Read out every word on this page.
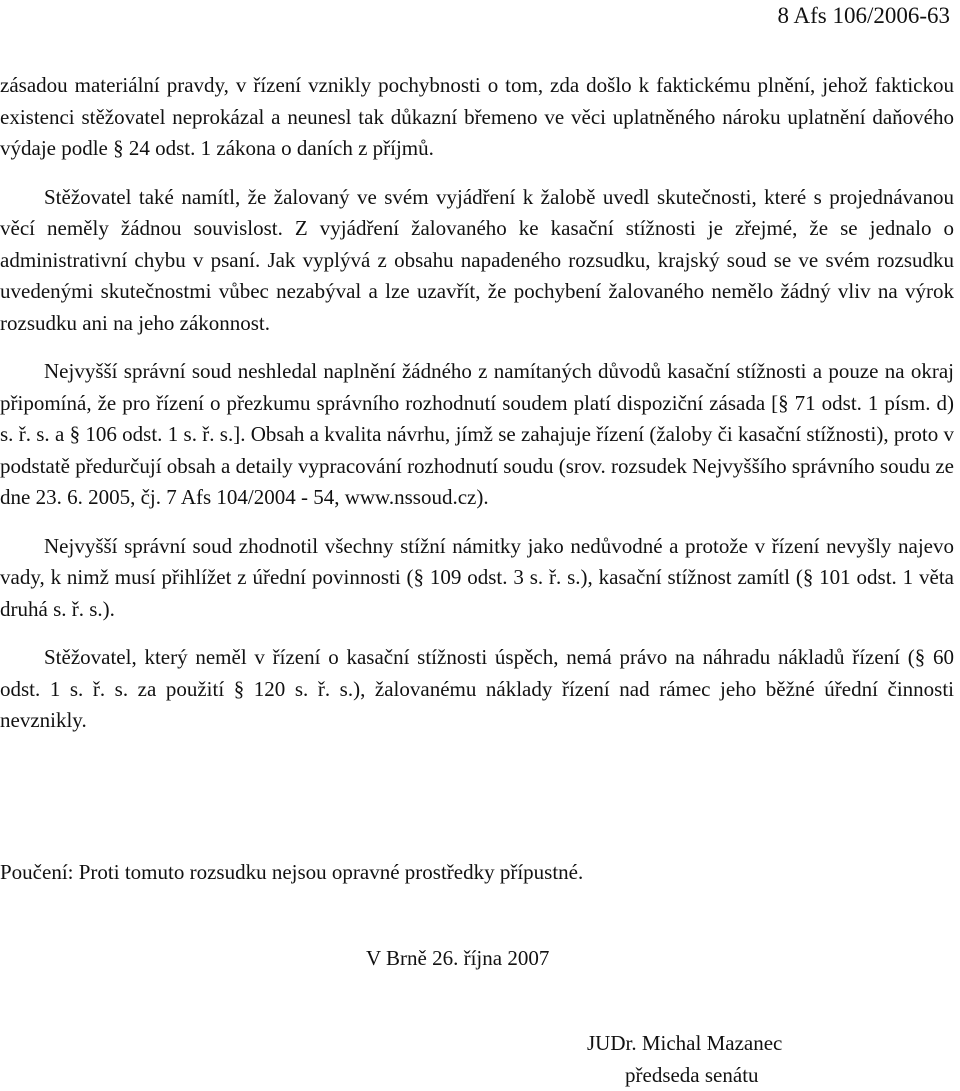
8 Afs 106/2006-63

zásadou materiální pravdy, v řízení vznikly pochybnosti o tom, zda došlo k faktickému plnění, jehož faktickou existenci stěžovatel neprokázal a neunesl tak důkazní břemeno ve věci uplatněného nároku uplatnění daňového výdaje podle § 24 odst. 1 zákona o daních z příjmů.

Stěžovatel také namítl, že žalovaný ve svém vyjádření k žalobě uvedl skutečnosti, které s projednávanou věcí neměly žádnou souvislost. Z vyjádření žalovaného ke kasační stížnosti je zřejmé, že se jednalo o administrativní chybu v psaní. Jak vyplývá z obsahu napadeného rozsudku, krajský soud se ve svém rozsudku uvedenými skutečnostmi vůbec nezabýval a lze uzavřít, že pochybení žalovaného nemělo žádný vliv na výrok rozsudku ani na jeho zákonnost.

Nejvyšší správní soud neshledal naplnění žádného z namítaných důvodů kasační stížnosti a pouze na okraj připomíná, že pro řízení o přezkumu správního rozhodnutí soudem platí dispoziční zásada [§ 71 odst. 1 písm. d) s. ř. s. a § 106 odst. 1 s. ř. s.]. Obsah a kvalita návrhu, jímž se zahajuje řízení (žaloby či kasační stížnosti), proto v podstatě předurčují obsah a detaily vypracování rozhodnutí soudu (srov. rozsudek Nejvyššího správního soudu ze dne 23. 6. 2005, čj. 7 Afs 104/2004 - 54, www.nssoud.cz).

Nejvyšší správní soud zhodnotil všechny stížní námitky jako nedůvodné a protože v řízení nevyšly najevo vady, k nimž musí přihlížet z úřední povinnosti (§ 109 odst. 3 s. ř. s.), kasační stížnost zamítl (§ 101 odst. 1 věta druhá s. ř. s.).

Stěžovatel, který neměl v řízení o kasační stížnosti úspěch, nemá právo na náhradu nákladů řízení (§ 60 odst. 1 s. ř. s. za použití § 120 s. ř. s.), žalovanému náklady řízení nad rámec jeho běžné úřední činnosti nevznikly.

Poučení: Proti tomuto rozsudku nejsou opravné prostředky přípustné.
V Brně 26. října 2007
JUDr. Michal Mazanec
předseda senátu
